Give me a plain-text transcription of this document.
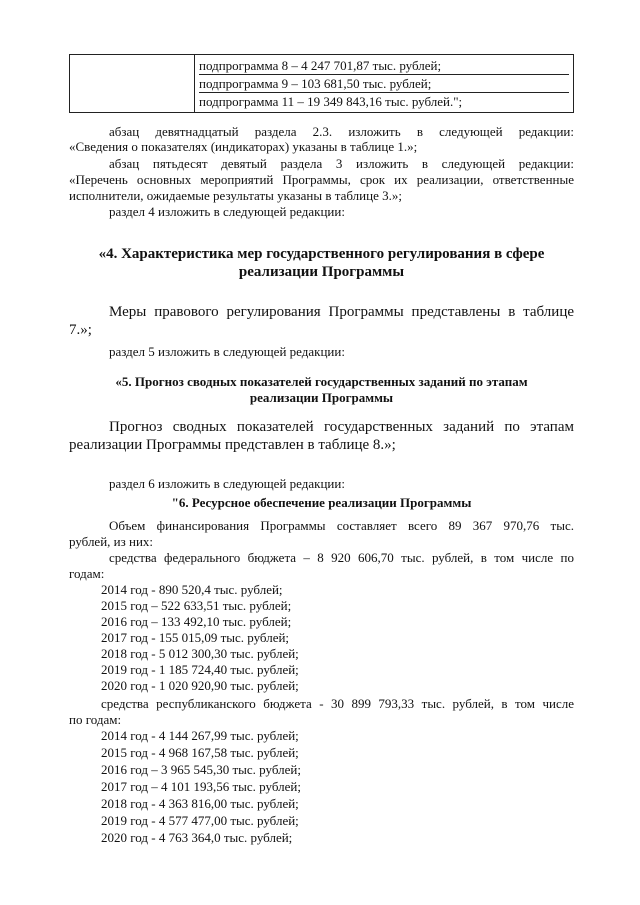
подпрограмма 8 – 4 247 701,87 тыс. рублей;
подпрограмма 9 – 103 681,50 тыс. рублей;
подпрограмма 11 – 19 349 843,16 тыс. рублей.";
абзац девятнадцатый раздела 2.3. изложить в следующей редакции:
«Сведения о показателях (индикаторах) указаны в таблице 1.»;
абзац пятьдесят девятый раздела 3 изложить в следующей редакции:
«Перечень основных мероприятий Программы, срок их реализации, ответственные
исполнители, ожидаемые результаты указаны в таблице 3.»;
раздел 4 изложить в следующей редакции:
«4. Характеристика мер государственного регулирования в сфере
реализации Программы
Меры правового регулирования Программы представлены в таблице
7.»;
раздел 5 изложить в следующей редакции:
«5. Прогноз сводных показателей государственных заданий по этапам
реализации Программы
Прогноз сводных показателей государственных заданий по этапам
реализации Программы представлен в таблице 8.»;
раздел 6 изложить в следующей редакции:
"6. Ресурсное обеспечение реализации Программы
Объем финансирования Программы составляет всего 89 367 970,76 тыс.
рублей, из них:
средства федерального бюджета – 8 920 606,70 тыс. рублей, в том числе по
годам:
2014 год - 890 520,4 тыс. рублей;
2015 год – 522 633,51 тыс. рублей;
2016 год – 133 492,10 тыс. рублей;
2017 год - 155 015,09 тыс. рублей;
2018 год - 5 012 300,30 тыс. рублей;
2019 год - 1 185 724,40 тыс. рублей;
2020 год - 1 020 920,90 тыс. рублей;
средства республиканского бюджета - 30 899 793,33 тыс. рублей, в том числе
по годам:
2014 год - 4 144 267,99 тыс. рублей;
2015 год - 4 968 167,58 тыс. рублей;
2016 год – 3 965 545,30 тыс. рублей;
2017 год – 4 101 193,56 тыс. рублей;
2018 год - 4 363 816,00 тыс. рублей;
2019 год - 4 577 477,00 тыс. рублей;
2020 год - 4 763 364,0 тыс. рублей;
